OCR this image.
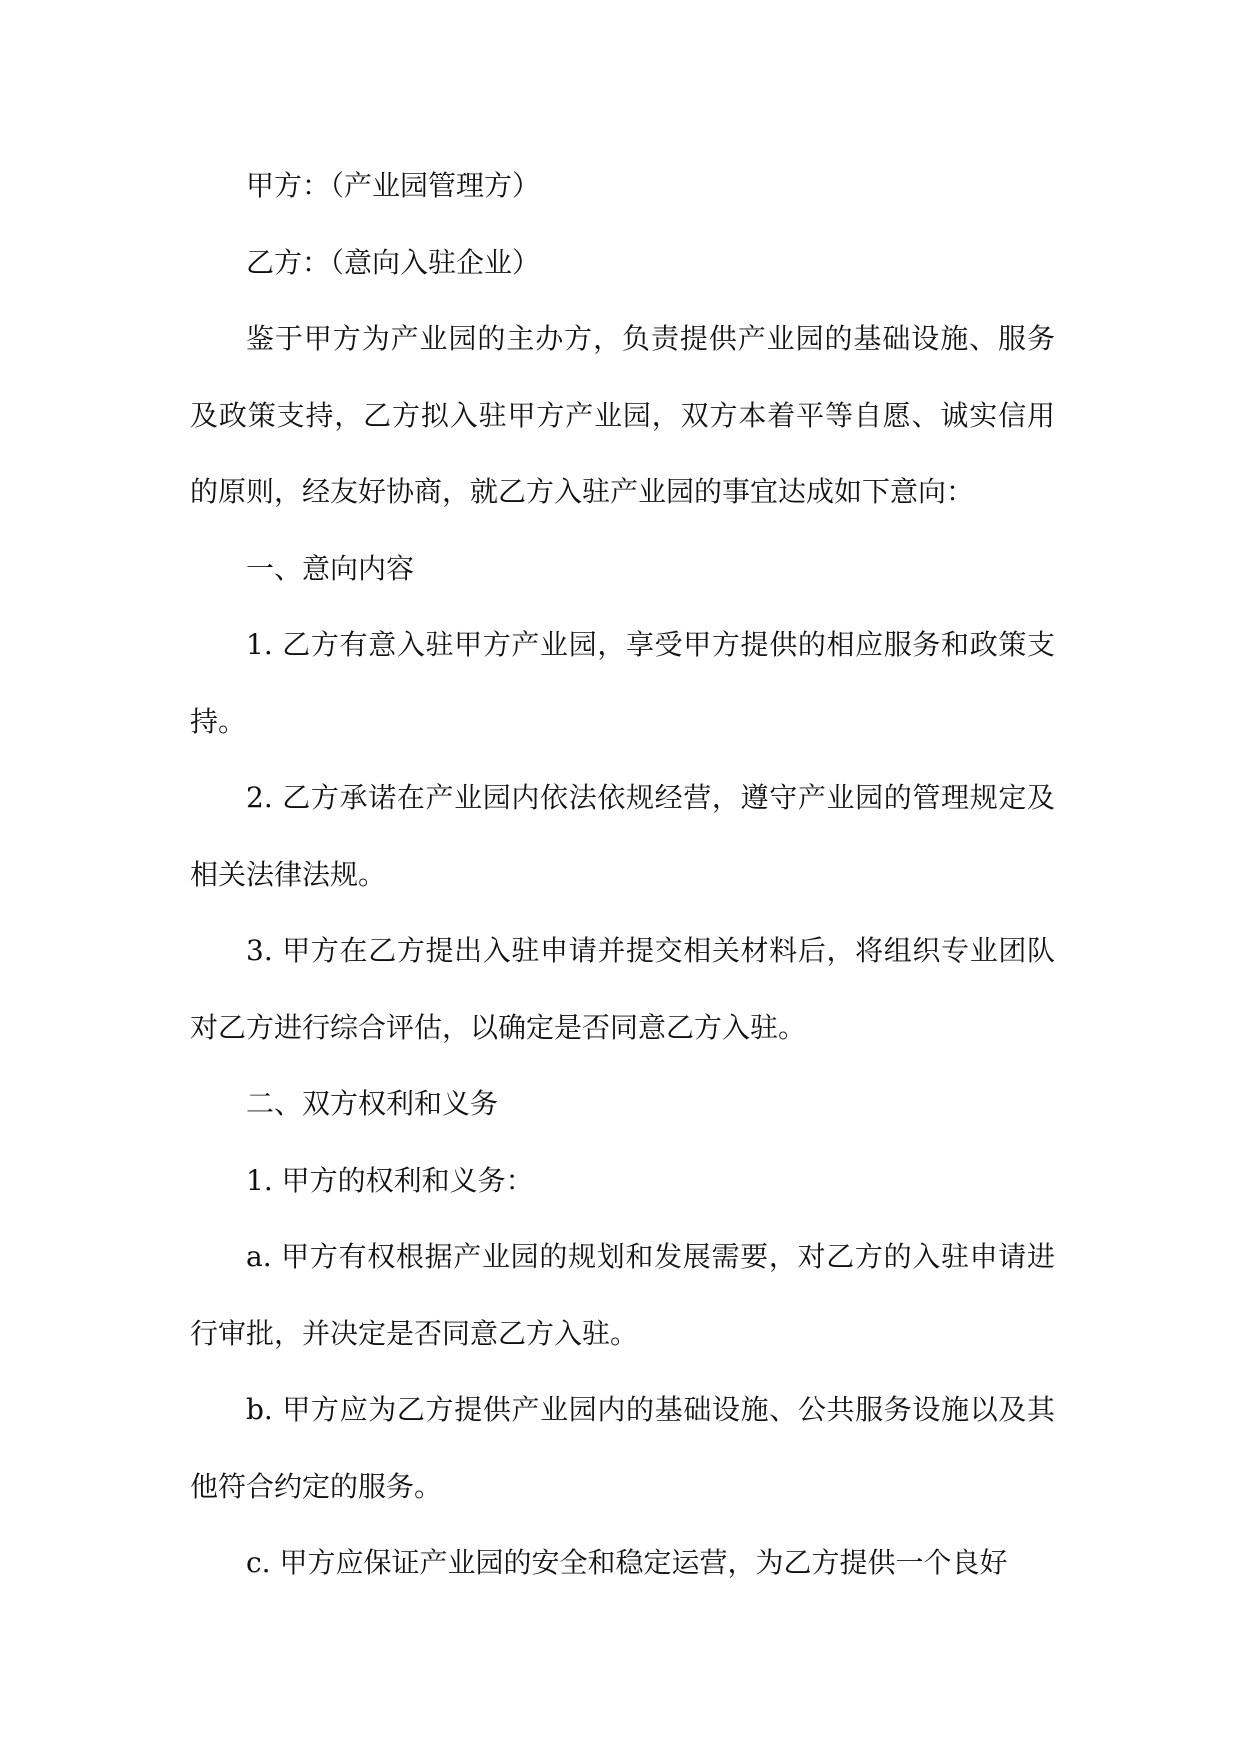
甲方：（产业园管理方）

乙方：（意向入驻企业）

鉴于甲方为产业园的主办方，负责提供产业园的基础设施、服务及政策支持，乙方拟入驻甲方产业园，双方本着平等自愿、诚实信用的原则，经友好协商，就乙方入驻产业园的事宜达成如下意向：

一、意向内容

1. 乙方有意入驻甲方产业园，享受甲方提供的相应服务和政策支持。

2. 乙方承诺在产业园内依法依规经营，遵守产业园的管理规定及相关法律法规。

3. 甲方在乙方提出入驻申请并提交相关材料后，将组织专业团队对乙方进行综合评估，以确定是否同意乙方入驻。

二、双方权利和义务

1. 甲方的权利和义务：

a. 甲方有权根据产业园的规划和发展需要，对乙方的入驻申请进行审批，并决定是否同意乙方入驻。

b. 甲方应为乙方提供产业园内的基础设施、公共服务设施以及其他符合约定的服务。

c. 甲方应保证产业园的安全和稳定运营，为乙方提供一个良好
